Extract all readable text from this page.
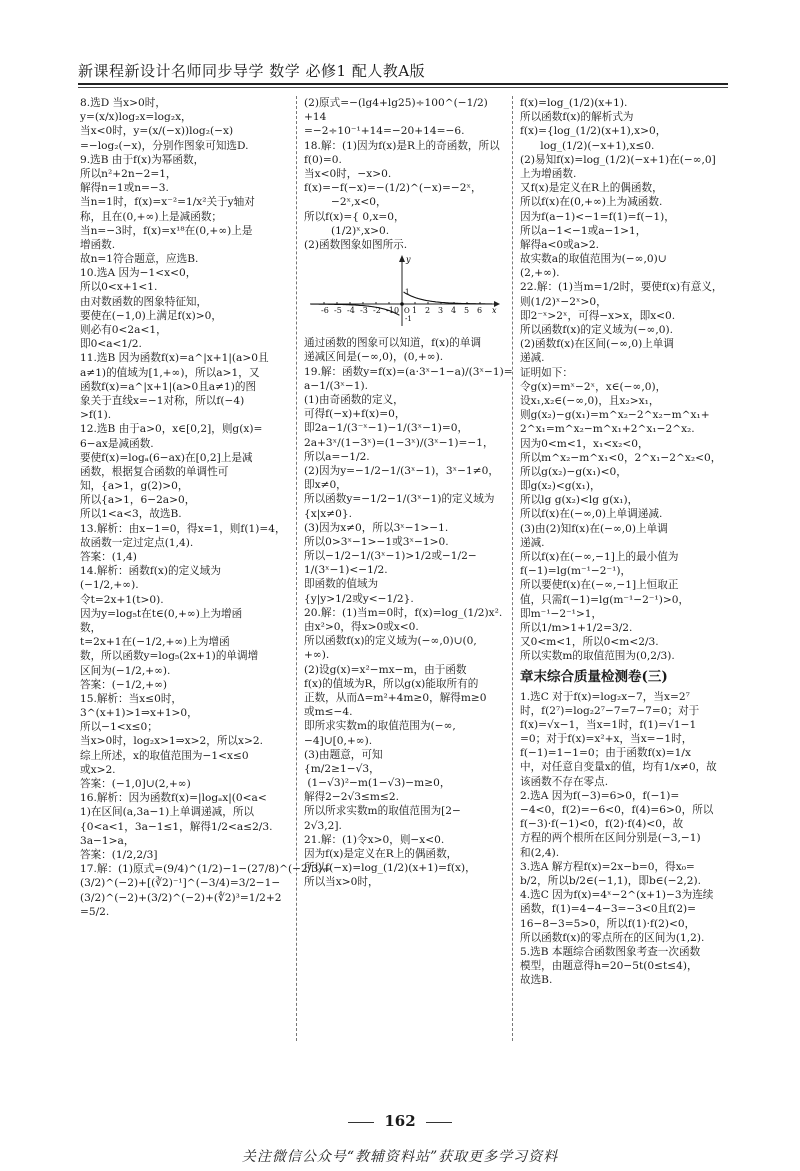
新课程新设计名师同步导学 数学 必修1 配人教A版
8.选D 当x>0时，
y=(x/x)log₂x=log₂x，
当x<0时，y=(x/(−x))log₂(−x)
=−log₂(−x)，分别作图象可知选D.
9.选B 由于f(x)为幂函数，
所以n²+2n−2=1，
解得n=1或n=−3.
当n=1时，f(x)=x⁻²=1/x²关于y轴对
称，且在(0,+∞)上是减函数；
当n=−3时，f(x)=x¹⁸在(0,+∞)上是
增函数.
故n=1符合题意，应选B.
10.选A 因为−1<x<0，
所以0<x+1<1.
由对数函数的图象特征知，
要使在(−1,0)上满足f(x)>0，
则必有0<2a<1，
即0<a<1/2.
11.选B 因为函数f(x)=a^|x+1|(a>0且
a≠1)的值域为[1,+∞)，所以a>1，又
函数f(x)=a^|x+1|(a>0且a≠1)的图
象关于直线x=−1对称，所以f(−4)
>f(1).
12.选B 由于a>0，x∈[0,2]，则g(x)=
6−ax是减函数.
要使f(x)=logₐ(6−ax)在[0,2]上是减
函数，根据复合函数的单调性可
知，{a>1，g(2)>0，
所以{a>1，6−2a>0，
所以1<a<3，故选B.
13.解析：由x−1=0，得x=1，则f(1)=4，
故函数一定过定点(1,4).
答案：(1,4)
14.解析：函数f(x)的定义域为
(−1/2,+∞).
令t=2x+1(t>0).
因为y=log₅t在t∈(0,+∞)上为增函
数，
t=2x+1在(−1/2,+∞)上为增函
数，所以函数y=log₅(2x+1)的单调增
区间为(−1/2,+∞).
答案：(−1/2,+∞)
15.解析：当x≤0时，
3^(x+1)>1⇒x+1>0，
所以−1<x≤0；
当x>0时，log₂x>1⇒x>2，所以x>2.
综上所述，x的取值范围为−1<x≤0
或x>2.
答案：(−1,0]∪(2,+∞)
16.解析：因为函数f(x)=|logₐx|(0<a<
1)在区间(a,3a−1)上单调递减，所以
{0<a<1，3a−1≤1，解得1/2<a≤2/3.
3a−1>a，
答案：(1/2,2/3]
17.解：(1)原式=(9/4)^(1/2)−1−(27/8)^(−2/3)+
(3/2)^(−2)+[(∛2)⁻¹]^(−3/4)=3/2−1−
(3/2)^(−2)+(3/2)^(−2)+(∜2)³=1/2+2
=5/2.
(2)原式=−(lg4+lg25)÷100^(−1/2)
+14
=−2÷10⁻¹+14=−20+14=−6.
18.解：(1)因为f(x)是R上的奇函数，所以
f(0)=0.
当x<0时，−x>0.
f(x)=−f(−x)=−(1/2)^(−x)=−2ˣ，
−2ˣ,x<0，
所以f(x)={ 0,x=0，
(1/2)ˣ,x>0.
(2)函数图象如图所示.
-6 -5 -4 -3 -2 -1 0 1 2 3 4 5 6 x
y
O
1
-1
通过函数的图象可以知道，f(x)的单调
递减区间是(−∞,0)，(0,+∞).
19.解：函数y=f(x)=(a·3ˣ−1−a)/(3ˣ−1)=
a−1/(3ˣ−1).
(1)由奇函数的定义，
可得f(−x)+f(x)=0，
即2a−1/(3⁻ˣ−1)−1/(3ˣ−1)=0，
2a+3ˣ/(1−3ˣ)=(1−3ˣ)/(3ˣ−1)=−1，
所以a=−1/2.
(2)因为y=−1/2−1/(3ˣ−1)，3ˣ−1≠0，
即x≠0，
所以函数y=−1/2−1/(3ˣ−1)的定义域为
{x|x≠0}.
(3)因为x≠0，所以3ˣ−1>−1.
所以0>3ˣ−1>−1或3ˣ−1>0.
所以−1/2−1/(3ˣ−1)>1/2或−1/2−
1/(3ˣ−1)<−1/2.
即函数的值域为
{y|y>1/2或y<−1/2}.
20.解：(1)当m=0时，f(x)=log_(1/2)x².
由x²>0，得x>0或x<0.
所以函数f(x)的定义域为(−∞,0)∪(0,
+∞).
(2)设g(x)=x²−mx−m，由于函数
f(x)的值域为R，所以g(x)能取所有的
正数，从而Δ=m²+4m≥0，解得m≥0
或m≤−4.
即所求实数m的取值范围为(−∞,
−4]∪[0,+∞).
(3)由题意，可知
{m/2≥1−√3，
(1−√3)²−m(1−√3)−m≥0，
解得2−2√3≤m≤2.
所以所求实数m的取值范围为[2−
2√3,2].
21.解：(1)令x>0，则−x<0.
因为f(x)是定义在R上的偶函数，
所以f(−x)=log_(1/2)(x+1)=f(x)，
所以当x>0时，
f(x)=log_(1/2)(x+1).
所以函数f(x)的解析式为
f(x)={log_(1/2)(x+1),x>0，
log_(1/2)(−x+1),x≤0.
(2)易知f(x)=log_(1/2)(−x+1)在(−∞,0]
上为增函数.
又f(x)是定义在R上的偶函数，
所以f(x)在(0,+∞)上为减函数.
因为f(a−1)<−1=f(1)=f(−1)，
所以a−1<−1或a−1>1，
解得a<0或a>2.
故实数a的取值范围为(−∞,0)∪
(2,+∞).
22.解：(1)当m=1/2时，要使f(x)有意义，
则(1/2)ˣ−2ˣ>0，
即2⁻ˣ>2ˣ，可得−x>x，即x<0.
所以函数f(x)的定义域为(−∞,0).
(2)函数f(x)在区间(−∞,0)上单调
递减.
证明如下：
令g(x)=mˣ−2ˣ，x∈(−∞,0)，
设x₁,x₂∈(−∞,0)，且x₂>x₁，
则g(x₂)−g(x₁)=m^x₂−2^x₂−m^x₁+
2^x₁=m^x₂−m^x₁+2^x₁−2^x₂.
因为0<m<1，x₁<x₂<0，
所以m^x₂−m^x₁<0，2^x₁−2^x₂<0，
所以g(x₂)−g(x₁)<0，
即g(x₂)<g(x₁)，
所以lg g(x₂)<lg g(x₁)，
所以f(x)在(−∞,0)上单调递减.
(3)由(2)知f(x)在(−∞,0)上单调
递减.
所以f(x)在(−∞,−1]上的最小值为
f(−1)=lg(m⁻¹−2⁻¹)，
所以要使f(x)在(−∞,−1]上恒取正
值，只需f(−1)=lg(m⁻¹−2⁻¹)>0，
即m⁻¹−2⁻¹>1，
所以1/m>1+1/2=3/2.
又0<m<1，所以0<m<2/3.
所以实数m的取值范围为(0,2/3).
章末综合质量检测卷(三)
1.选C 对于f(x)=log₂x−7，当x=2⁷
时，f(2⁷)=log₂2⁷−7=7−7=0；对于
f(x)=√x−1，当x=1时，f(1)=√1−1
=0；对于f(x)=x²+x，当x=−1时，
f(−1)=1−1=0；由于函数f(x)=1/x
中，对任意自变量x的值，均有1/x≠0，故
该函数不存在零点.
2.选A 因为f(−3)=6>0，f(−1)=
−4<0，f(2)=−6<0，f(4)=6>0，所以
f(−3)·f(−1)<0，f(2)·f(4)<0，故
方程的两个根所在区间分别是(−3,−1)
和(2,4).
3.选A 解方程f(x)=2x−b=0，得x₀=
b/2，所以b/2∈(−1,1)，即b∈(−2,2).
4.选C 因为f(x)=4ˣ−2^(x+1)−3为连续
函数，f(1)=4−4−3=−3<0且f(2)=
16−8−3=5>0，所以f(1)·f(2)<0，
所以函数f(x)的零点所在的区间为(1,2).
5.选B 本题综合函数图象考查一次函数
模型，由题意得h=20−5t(0≤t≤4)，
故选B.
162
关注微信公众号“教辅资料站”获取更多学习资料
